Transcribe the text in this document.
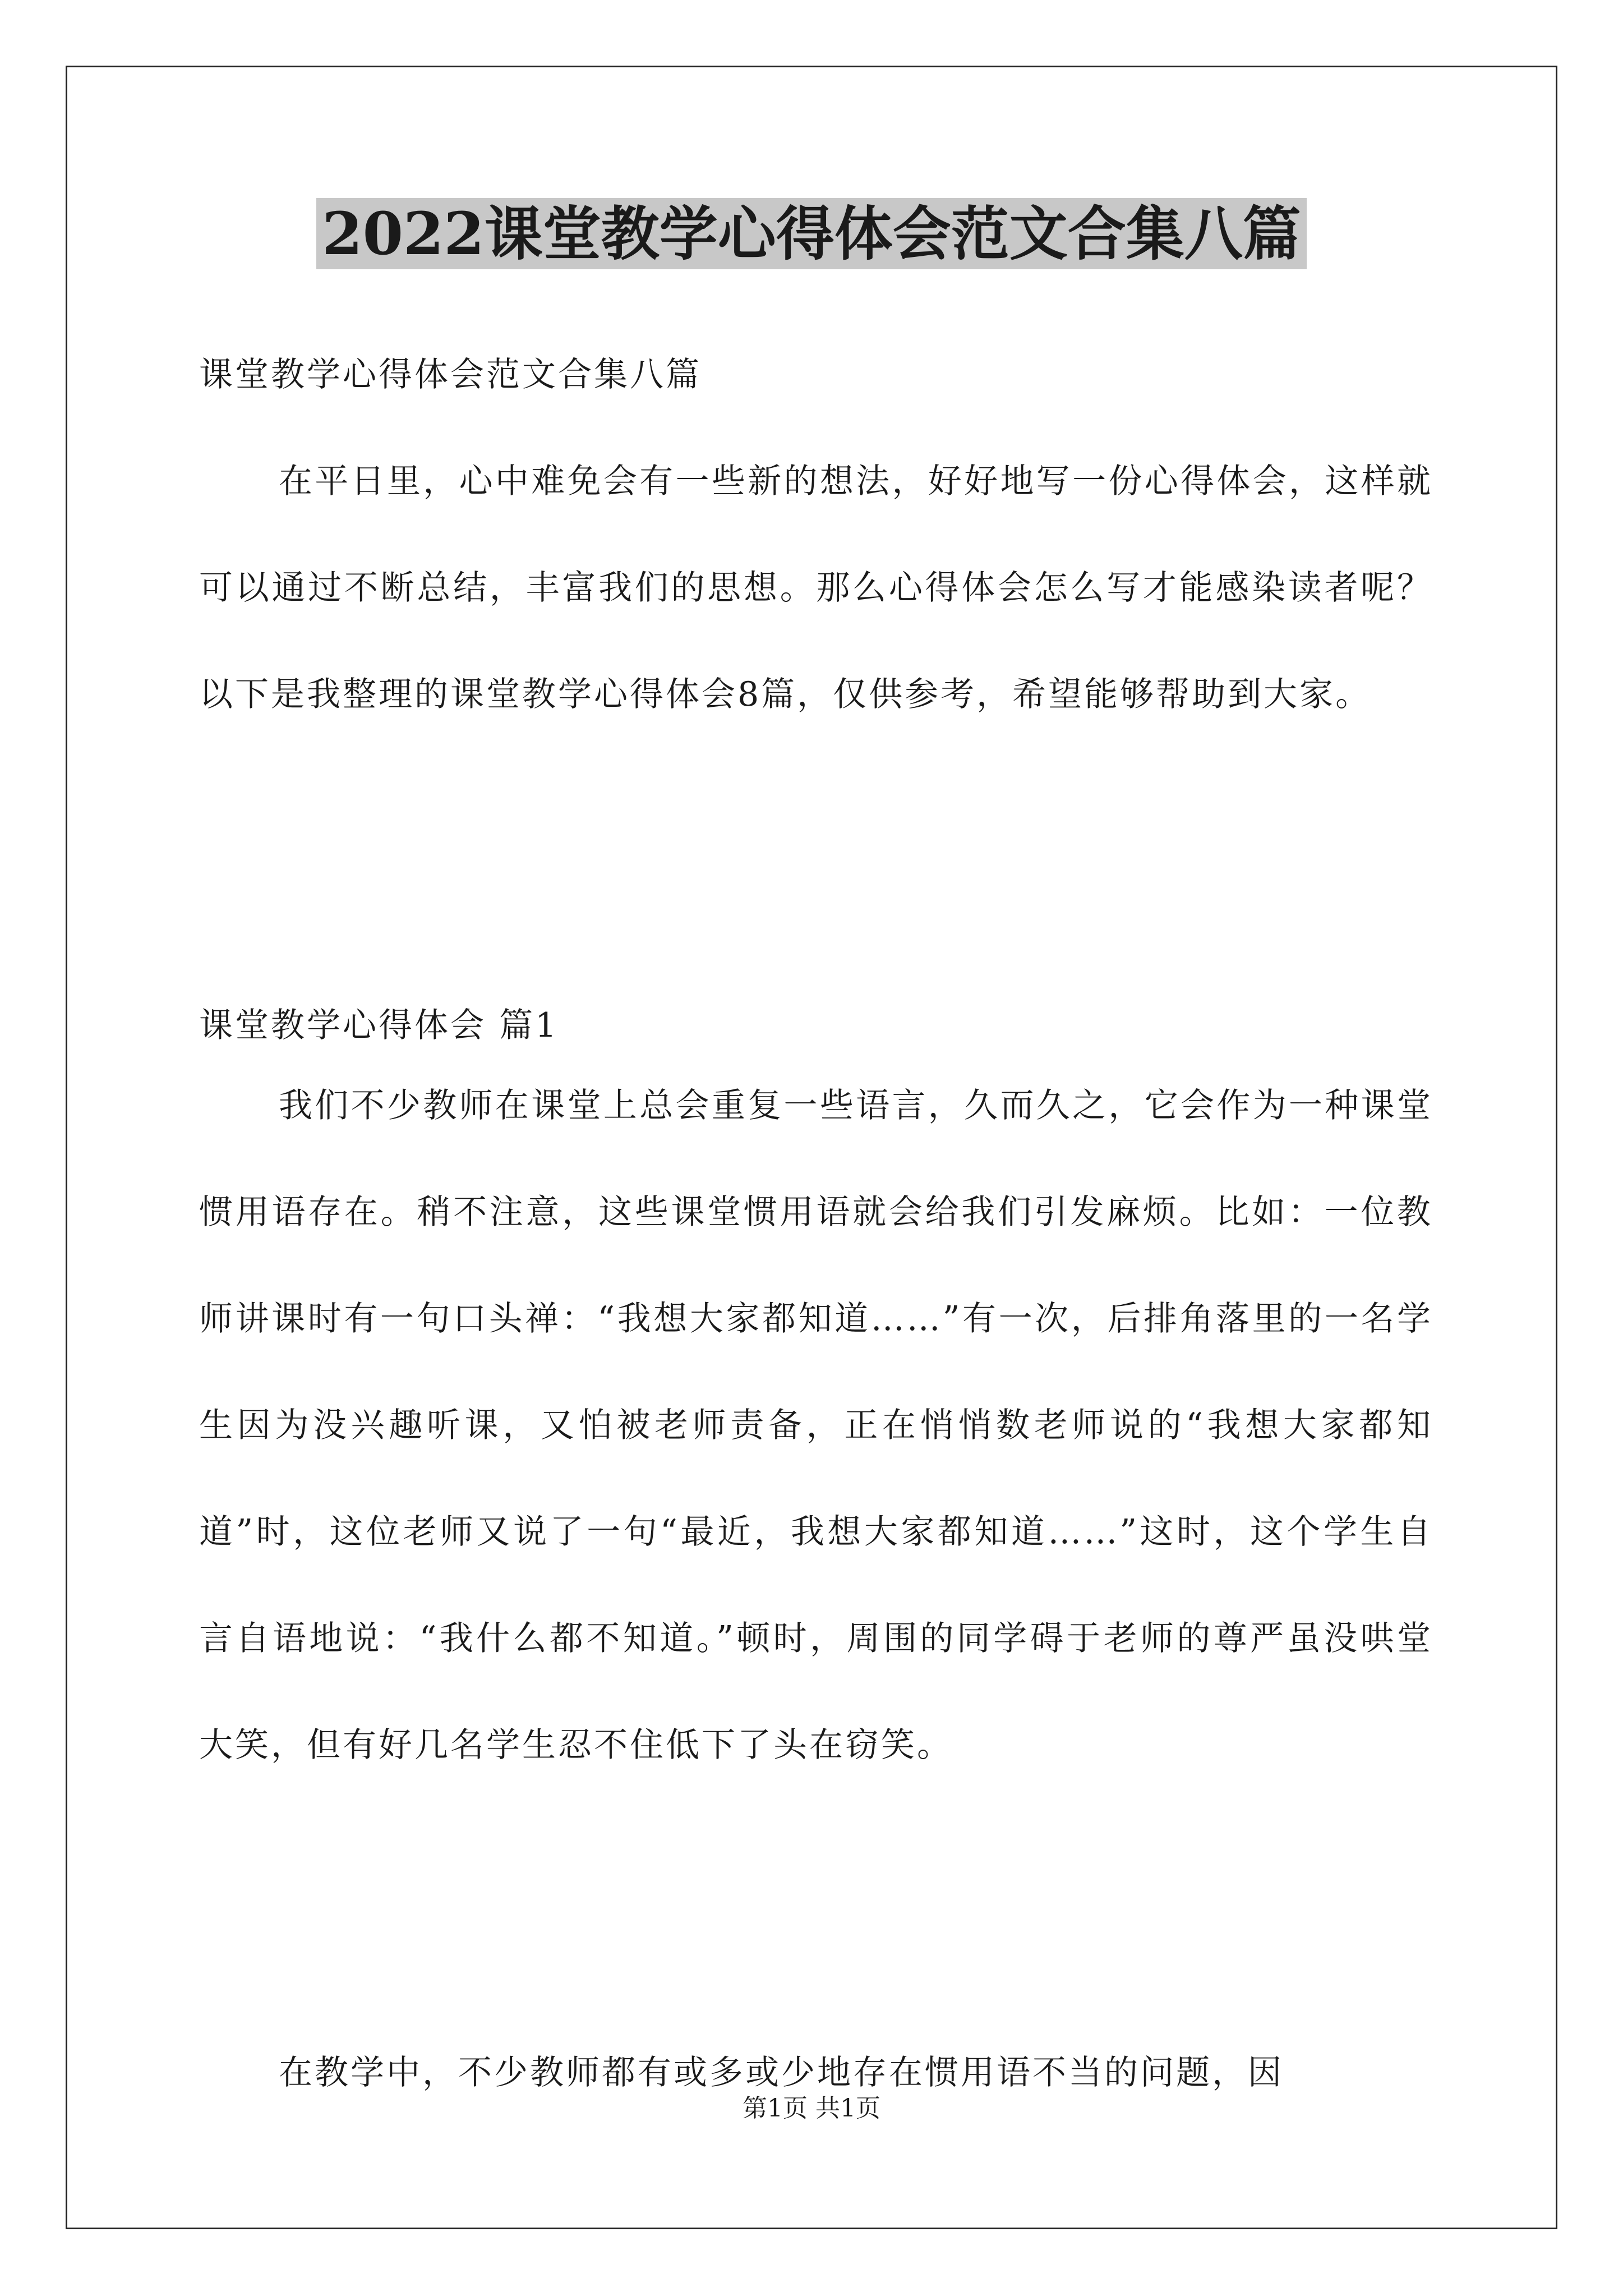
2022课堂教学心得体会范文合集八篇
课堂教学心得体会范文合集八篇
在平日里，心中难免会有一些新的想法，好好地写一份心得体会，这样就可以通过不断总结，丰富我们的思想。那么心得体会怎么写才能感染读者呢？以下是我整理的课堂教学心得体会8篇，仅供参考，希望能够帮助到大家。
课堂教学心得体会 篇1
我们不少教师在课堂上总会重复一些语言，久而久之，它会作为一种课堂惯用语存在。稍不注意，这些课堂惯用语就会给我们引发麻烦。比如：一位教师讲课时有一句口头禅：“我想大家都知道……”有一次，后排角落里的一名学生因为没兴趣听课，又怕被老师责备，正在悄悄数老师说的“我想大家都知道”时，这位老师又说了一句“最近，我想大家都知道……”这时，这个学生自言自语地说：“我什么都不知道。”顿时，周围的同学碍于老师的尊严虽没哄堂大笑，但有好几名学生忍不住低下了头在窃笑。
在教学中，不少教师都有或多或少地存在惯用语不当的问题，因
第1页 共1页
